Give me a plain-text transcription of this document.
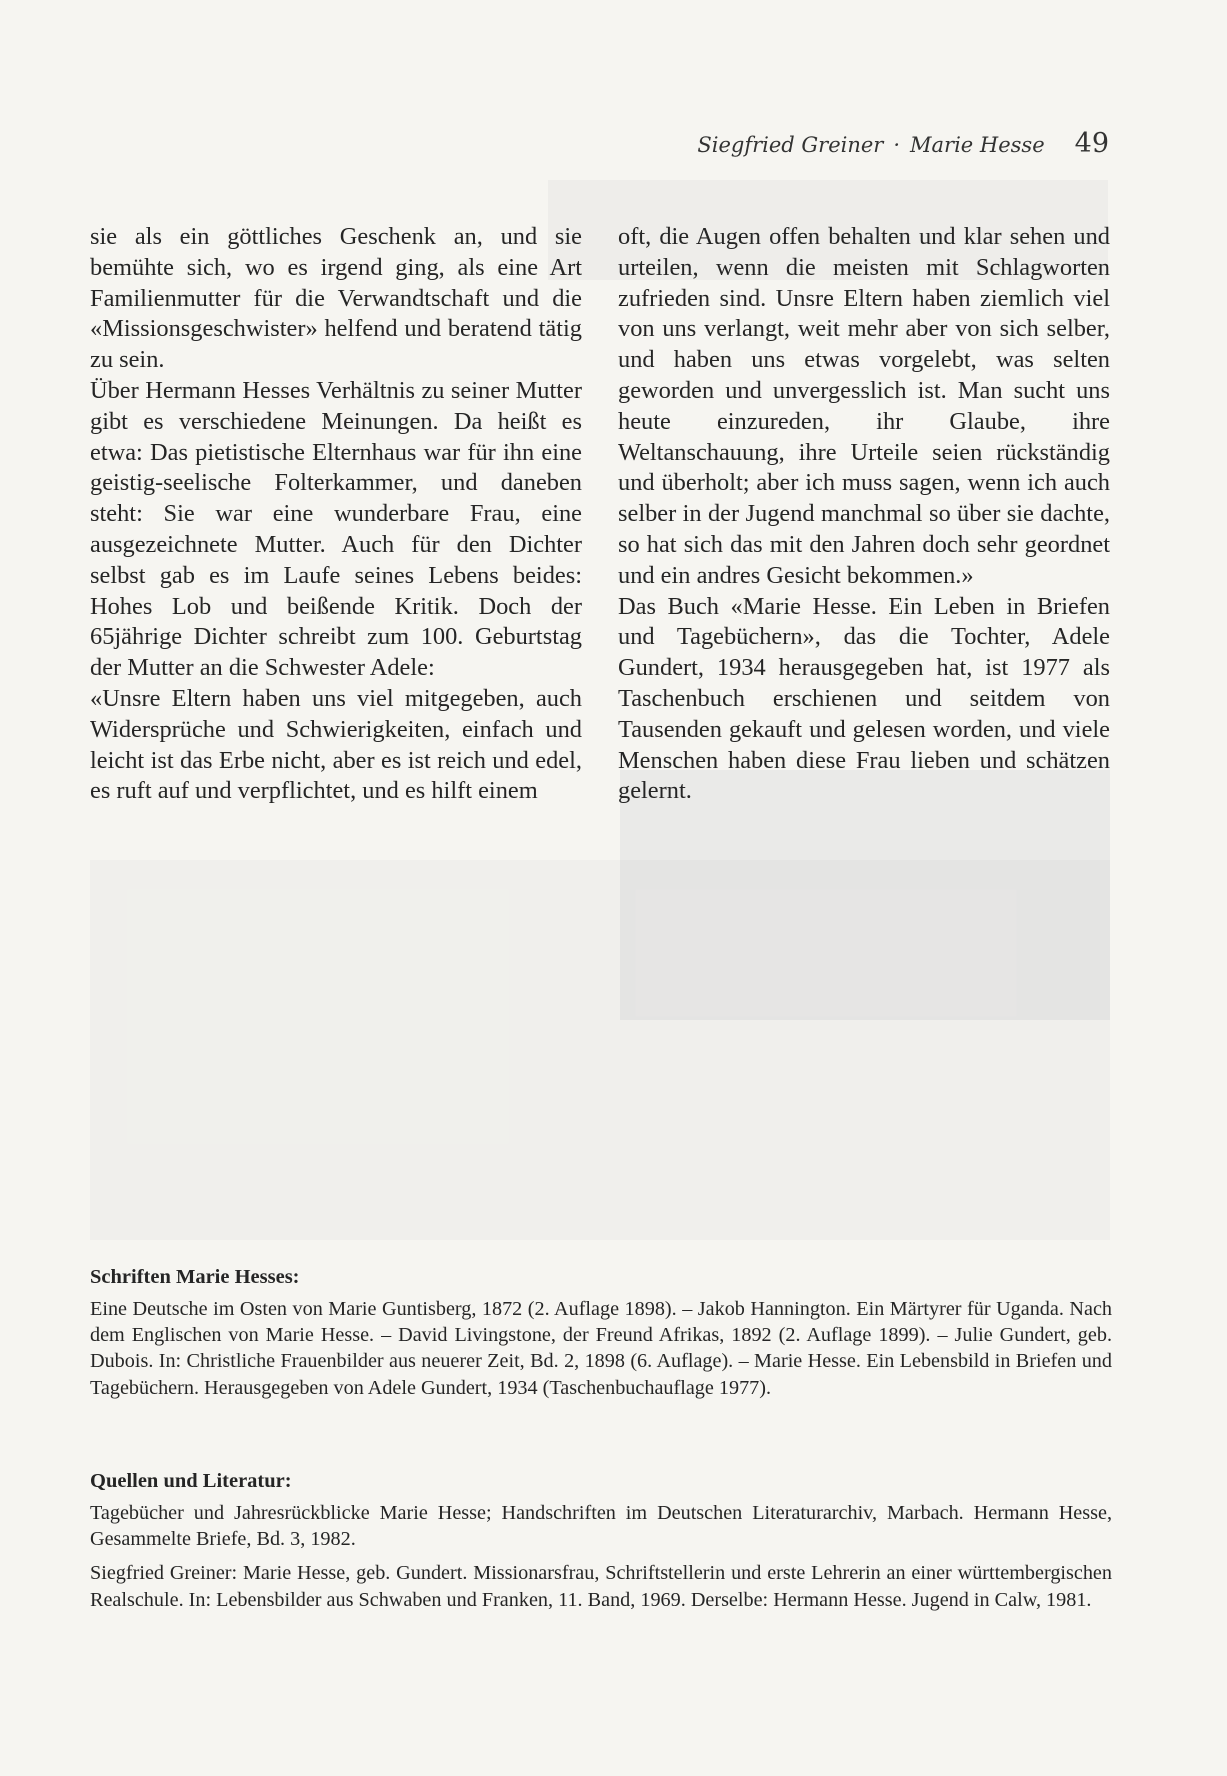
Siegfried Greiner · Marie Hesse 49

sie als ein göttliches Geschenk an, und sie bemühte sich, wo es irgend ging, als eine Art Familienmutter für die Verwandtschaft und die «Missionsgeschwister» helfend und beratend tätig zu sein.

Über Hermann Hesses Verhältnis zu seiner Mutter gibt es verschiedene Meinungen. Da heißt es etwa: Das pietistische Elternhaus war für ihn eine geistig-seelische Folterkammer, und daneben steht: Sie war eine wunderbare Frau, eine ausgezeichnete Mutter. Auch für den Dichter selbst gab es im Laufe seines Lebens beides: Hohes Lob und beißende Kritik. Doch der 65jährige Dichter schreibt zum 100. Geburtstag der Mutter an die Schwester Adele:

«Unsre Eltern haben uns viel mitgegeben, auch Widersprüche und Schwierigkeiten, einfach und leicht ist das Erbe nicht, aber es ist reich und edel, es ruft auf und verpflichtet, und es hilft einem

oft, die Augen offen behalten und klar sehen und urteilen, wenn die meisten mit Schlagworten zufrieden sind. Unsre Eltern haben ziemlich viel von uns verlangt, weit mehr aber von sich selber, und haben uns etwas vorgelebt, was selten geworden und unvergesslich ist. Man sucht uns heute einzureden, ihr Glaube, ihre Weltanschauung, ihre Urteile seien rückständig und überholt; aber ich muss sagen, wenn ich auch selber in der Jugend manchmal so über sie dachte, so hat sich das mit den Jahren doch sehr geordnet und ein andres Gesicht bekommen.»

Das Buch «Marie Hesse. Ein Leben in Briefen und Tagebüchern», das die Tochter, Adele Gundert, 1934 herausgegeben hat, ist 1977 als Taschenbuch erschienen und seitdem von Tausenden gekauft und gelesen worden, und viele Menschen haben diese Frau lieben und schätzen gelernt.

Schriften Marie Hesses:

Eine Deutsche im Osten von Marie Guntisberg, 1872 (2. Auflage 1898). – Jakob Hannington. Ein Märtyrer für Uganda. Nach dem Englischen von Marie Hesse. – David Livingstone, der Freund Afrikas, 1892 (2. Auflage 1899). – Julie Gundert, geb. Dubois. In: Christliche Frauenbilder aus neuerer Zeit, Bd. 2, 1898 (6. Auflage). – Marie Hesse. Ein Lebensbild in Briefen und Tagebüchern. Herausgegeben von Adele Gundert, 1934 (Taschenbuchauflage 1977).

Quellen und Literatur:

Tagebücher und Jahresrückblicke Marie Hesse; Handschriften im Deutschen Literaturarchiv, Marbach. Hermann Hesse, Gesammelte Briefe, Bd. 3, 1982.

Siegfried Greiner: Marie Hesse, geb. Gundert. Missionarsfrau, Schriftstellerin und erste Lehrerin an einer württembergischen Realschule. In: Lebensbilder aus Schwaben und Franken, 11. Band, 1969. Derselbe: Hermann Hesse. Jugend in Calw, 1981.
